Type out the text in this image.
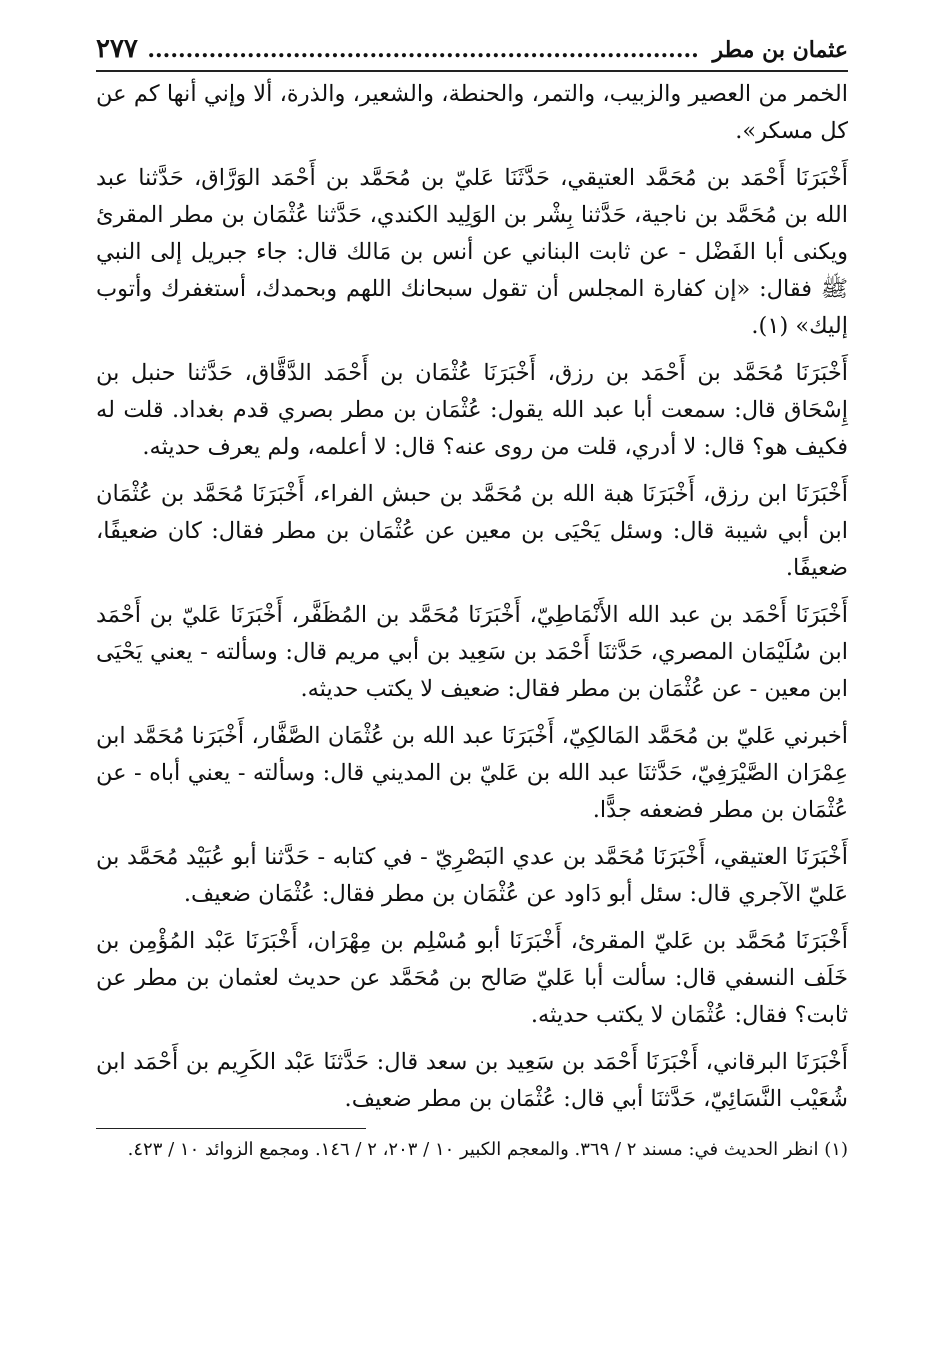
عثمان بن مطر ........................................................................
٢٧٧

الخمر من العصير والزبيب، والتمر، والحنطة، والشعير، والذرة، ألا وإني أنها كم عن كل مسكر».

أَخْبَرَنَا أَحْمَد بن مُحَمَّد العتيقي، حَدَّثَنَا عَليّ بن مُحَمَّد بن أَحْمَد الوَرَّاق، حَدَّثنا عبد الله بن مُحَمَّد بن ناجية، حَدَّثنا بِشْر بن الوَلِيد الكندي، حَدَّثنا عُثْمَان بن مطر المقرئ ويكنى أبا الفَضْل - عن ثابت البناني عن أنس بن مَالك قال: جاء جبريل إلى النبي ﷺ فقال: «إن كفارة المجلس أن تقول سبحانك اللهم وبحمدك، أستغفرك وأتوب إليك» (١).

أَخْبَرَنَا مُحَمَّد بن أَحْمَد بن رزق، أَخْبَرَنَا عُثْمَان بن أَحْمَد الدَّقَّاق، حَدَّثنا حنبل بن إِسْحَاق قال: سمعت أبا عبد الله يقول: عُثْمَان بن مطر بصري قدم بغداد. قلت له فكيف هو؟ قال: لا أدري، قلت من روى عنه؟ قال: لا أعلمه، ولم يعرف حديثه.

أَخْبَرَنَا ابن رزق، أَخْبَرَنَا هبة الله بن مُحَمَّد بن حبش الفراء، أَخْبَرَنَا مُحَمَّد بن عُثْمَان ابن أبي شيبة قال: وسئل يَحْيَى بن معين عن عُثْمَان بن مطر فقال: كان ضعيفًا، ضعيفًا.

أَخْبَرَنَا أَحْمَد بن عبد الله الأَنْمَاطِيّ، أَخْبَرَنَا مُحَمَّد بن المُظَفَّر، أَخْبَرَنَا عَليّ بن أَحْمَد ابن سُلَيْمَان المصري، حَدَّثنَا أَحْمَد بن سَعِيد بن أبي مريم قال: وسألته - يعني يَحْيَى ابن معين - عن عُثْمَان بن مطر فقال: ضعيف لا يكتب حديثه.

أخبرني عَليّ بن مُحَمَّد المَالكِيّ، أَخْبَرَنَا عبد الله بن عُثْمَان الصَّفَّار، أَخْبَرَنا مُحَمَّد ابن عِمْرَان الصَّيْرَفِيّ، حَدَّثنَا عبد الله بن عَليّ بن المديني قال: وسألته - يعني أباه - عن عُثْمَان بن مطر فضعفه جدًّا.

أَخْبَرَنَا العتيقي، أَخْبَرَنَا مُحَمَّد بن عدي البَصْرِيّ - في كتابه - حَدَّثنا أبو عُبَيْد مُحَمَّد بن عَليّ الآجري قال: سئل أبو دَاود عن عُثْمَان بن مطر فقال: عُثْمَان ضعيف.

أَخْبَرَنَا مُحَمَّد بن عَليّ المقرئ، أَخْبَرَنَا أبو مُسْلِم بن مِهْرَان، أَخْبَرَنَا عَبْد المُؤْمِن بن خَلَف النسفي قال: سألت أبا عَليّ صَالح بن مُحَمَّد عن حديث لعثمان بن مطر عن ثابت؟ فقال: عُثْمَان لا يكتب حديثه.

أَخْبَرَنَا البرقاني، أَخْبَرَنَا أَحْمَد بن سَعِيد بن سعد قال: حَدَّثنَا عَبْد الكَرِيم بن أَحْمَد ابن شُعَيْب النَّسَائِيّ، حَدَّثنَا أبي قال: عُثْمَان بن مطر ضعيف.

(١) انظر الحديث في: مسند ٢ / ٣٦٩. والمعجم الكبير ١٠ / ٢٠٣، ٢ / ١٤٦. ومجمع الزوائد ١٠ / ٤٢٣.
